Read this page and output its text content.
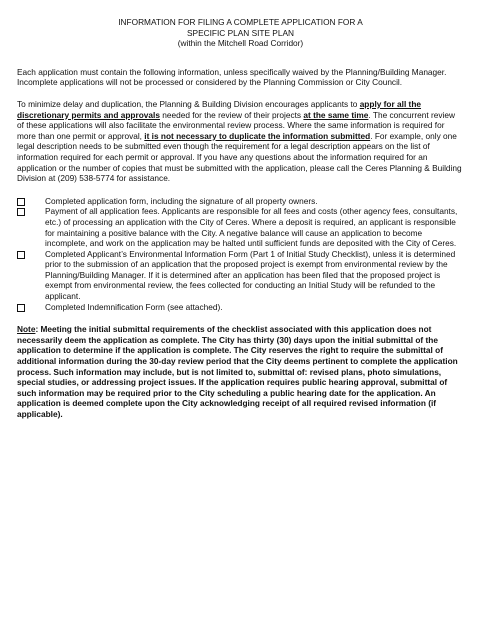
INFORMATION FOR FILING A COMPLETE APPLICATION FOR A
SPECIFIC PLAN SITE PLAN
(within the Mitchell Road Corridor)

Each application must contain the following information, unless specifically waived by the Planning/Building Manager. Incomplete applications will not be processed or considered by the Planning Commission or City Council.

To minimize delay and duplication, the Planning & Building Division encourages applicants to apply for all the discretionary permits and approvals needed for the review of their projects at the same time. The concurrent review of these applications will also facilitate the environmental review process. Where the same information is required for more than one permit or approval, it is not necessary to duplicate the information submitted. For example, only one legal description needs to be submitted even though the requirement for a legal description appears on the list of information required for each permit or approval. If you have any questions about the information required for an application or the number of copies that must be submitted with the application, please call the Ceres Planning & Building Division at (209) 538-5774 for assistance.

Completed application form, including the signature of all property owners.
Payment of all application fees. Applicants are responsible for all fees and costs (other agency fees, consultants, etc.) of processing an application with the City of Ceres. Where a deposit is required, an applicant is responsible for maintaining a positive balance with the City. A negative balance will cause an application to become incomplete, and work on the application may be halted until sufficient funds are deposited with the City of Ceres.
Completed Applicant’s Environmental Information Form (Part 1 of Initial Study Checklist), unless it is determined prior to the submission of an application that the proposed project is exempt from environmental review by the Planning/Building Manager. If it is determined after an application has been filed that the proposed project is exempt from environmental review, the fees collected for conducting an Initial Study will be refunded to the applicant.
Completed Indemnification Form (see attached).

Note: Meeting the initial submittal requirements of the checklist associated with this application does not necessarily deem the application as complete. The City has thirty (30) days upon the initial submittal of the application to determine if the application is complete. The City reserves the right to require the submittal of additional information during the 30-day review period that the City deems pertinent to complete the application process. Such information may include, but is not limited to, submittal of: revised plans, photo simulations, special studies, or addressing project issues. If the application requires public hearing approval, submittal of such information may be required prior to the City scheduling a public hearing date for the application. An application is deemed complete upon the City acknowledging receipt of all required revised information (if applicable).
